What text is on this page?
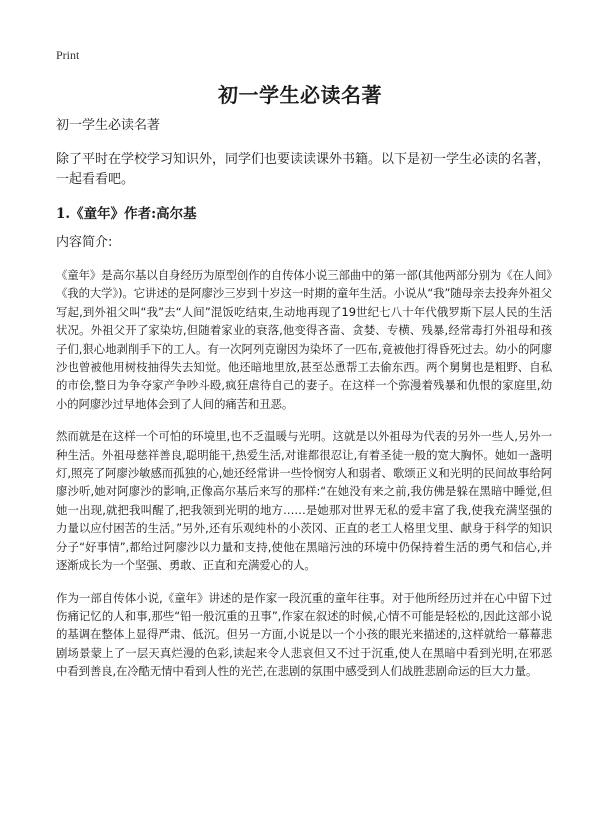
Print
初一学生必读名著

初一学生必读名著

除了平时在学校学习知识外，同学们也要读读课外书籍。以下是初一学生必读的名著，一起看看吧。

1.《童年》作者:高尔基

内容简介:

《童年》是高尔基以自身经历为原型创作的自传体小说三部曲中的第一部(其他两部分别为《在人间》《我的大学》)。它讲述的是阿廖沙三岁到十岁这一时期的童年生活。小说从“我”随母亲去投奔外祖父写起,到外祖父叫“我”去“人间”混饭吃结束,生动地再现了19世纪七八十年代俄罗斯下层人民的生活状况。外祖父开了家染坊,但随着家业的衰落,他变得吝啬、贪婪、专横、残暴,经常毒打外祖母和孩子们,狠心地剥削手下的工人。有一次阿列克谢因为染坏了一匹布,竟被他打得昏死过去。幼小的阿廖沙也曾被他用树枝抽得失去知觉。他还暗地里放,甚至怂恿帮工去偷东西。两个舅舅也是粗野、自私的市侩,整日为争夺家产争吵斗殴,疯狂虐待自己的妻子。在这样一个弥漫着残暴和仇恨的家庭里,幼小的阿廖沙过早地体会到了人间的痛苦和丑恶。

然而就是在这样一个可怕的环境里,也不乏温暖与光明。这就是以外祖母为代表的另外一些人,另外一种生活。外祖母慈祥善良,聪明能干,热爱生活,对谁都很忍让,有着圣徒一般的宽大胸怀。她如一盏明灯,照亮了阿廖沙敏感而孤独的心,她还经常讲一些怜悯穷人和弱者、歌颂正义和光明的民间故事给阿廖沙听,她对阿廖沙的影响,正像高尔基后来写的那样:“在她没有来之前,我仿佛是躲在黑暗中睡觉,但她一出现,就把我叫醒了,把我领到光明的地方……是她那对世界无私的爱丰富了我,使我充满坚强的力量以应付困苦的生活。”另外,还有乐观纯朴的小茨冈、正直的老工人格里戈里、献身于科学的知识分子“好事情”,都给过阿廖沙以力量和支持,使他在黑暗污浊的环境中仍保持着生活的勇气和信心,并逐渐成长为一个坚强、勇敢、正直和充满爱心的人。

作为一部自传体小说,《童年》讲述的是作家一段沉重的童年往事。对于他所经历过并在心中留下过伤痛记忆的人和事,那些“铅一般沉重的丑事”,作家在叙述的时候,心情不可能是轻松的,因此这部小说的基调在整体上显得严肃、低沉。但另一方面,小说是以一个小孩的眼光来描述的,这样就给一幕幕悲剧场景蒙上了一层天真烂漫的色彩,读起来令人悲哀但又不过于沉重,使人在黑暗中看到光明,在邪恶中看到善良,在冷酷无情中看到人性的光芒,在悲剧的氛围中感受到人们战胜悲剧命运的巨大力量。
